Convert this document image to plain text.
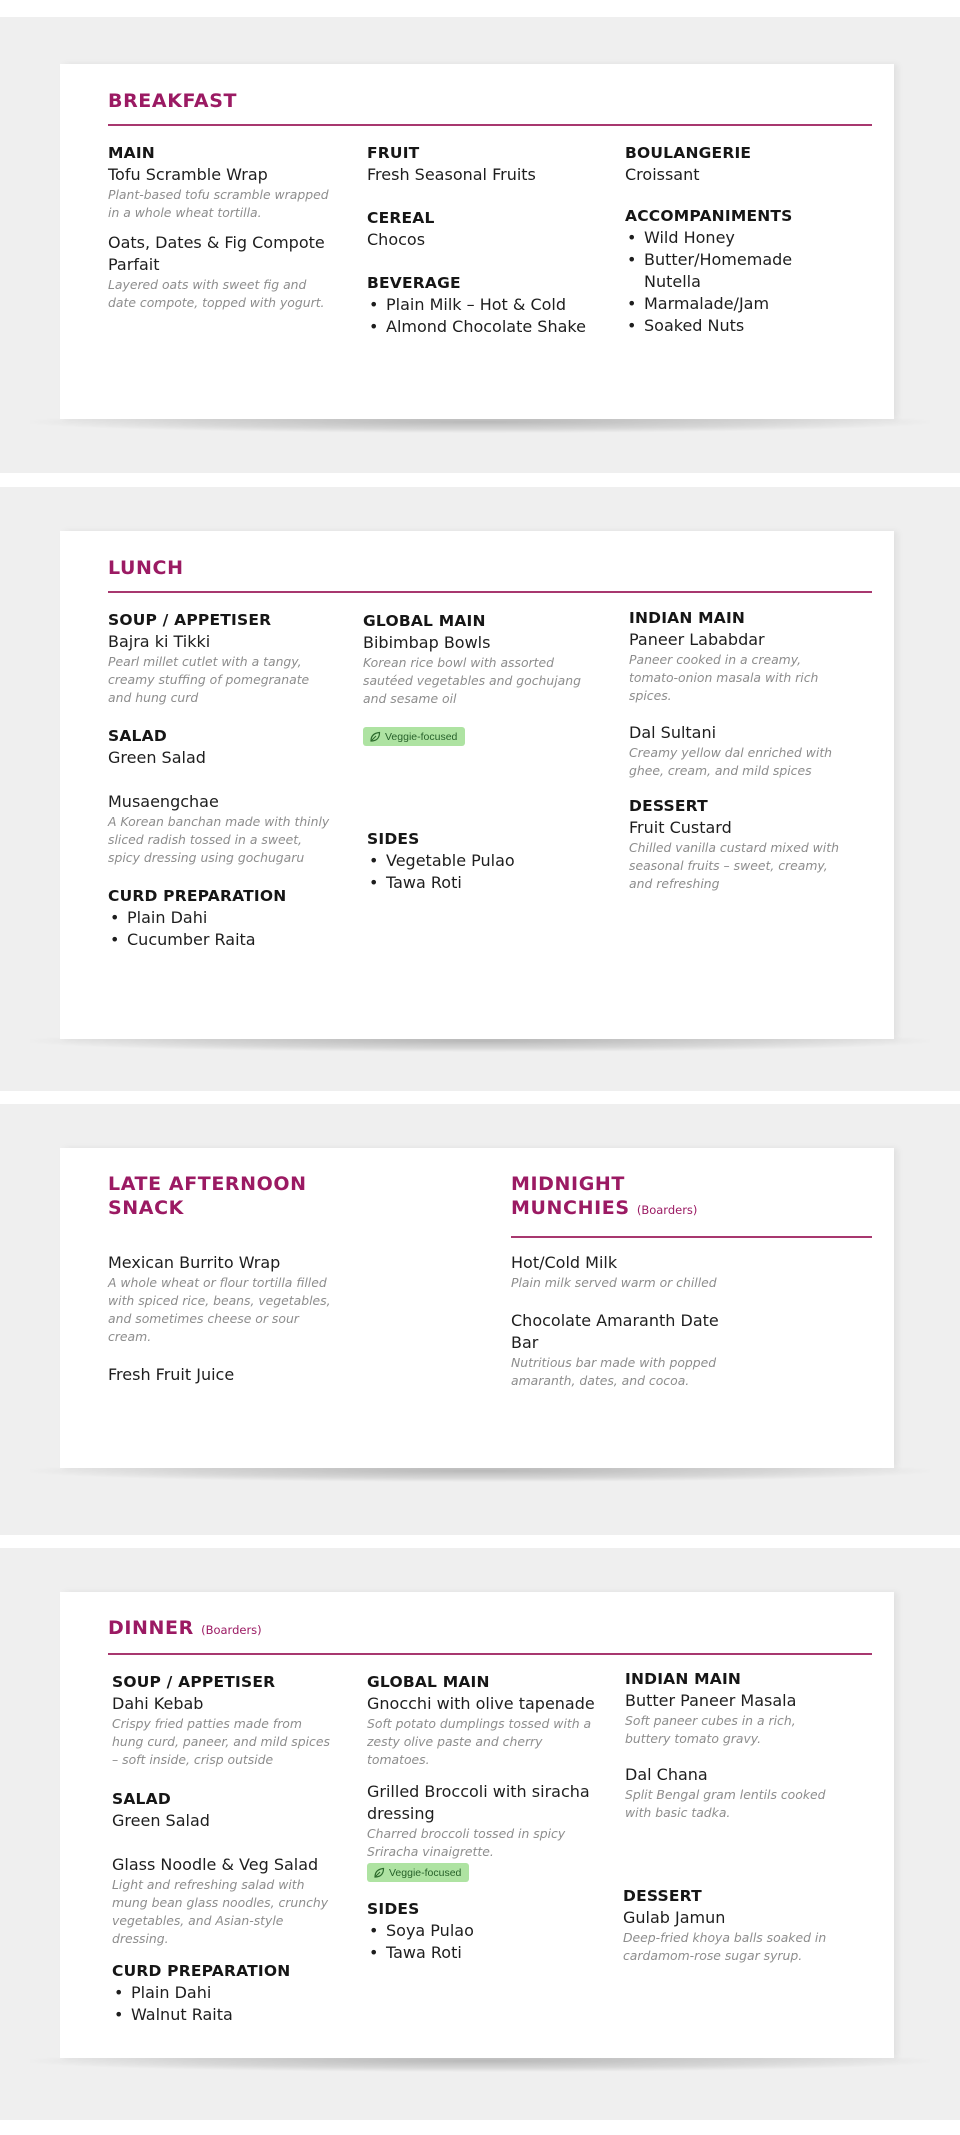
BREAKFAST
MAIN
Tofu Scramble Wrap
Plant-based tofu scramble wrapped in a whole wheat tortilla.
Oats, Dates & Fig Compote Parfait
Layered oats with sweet fig and date compote, topped with yogurt.
FRUIT
Fresh Seasonal Fruits
CEREAL
Chocos
BEVERAGE
• Plain Milk – Hot & Cold
• Almond Chocolate Shake
BOULANGERIE
Croissant
ACCOMPANIMENTS
• Wild Honey
• Butter/Homemade Nutella
• Marmalade/Jam
• Soaked Nuts
LUNCH
SOUP / APPETISER
Bajra ki Tikki
Pearl millet cutlet with a tangy, creamy stuffing of pomegranate and hung curd
SALAD
Green Salad
Musaengchae
A Korean banchan made with thinly sliced radish tossed in a sweet, spicy dressing using gochugaru
CURD PREPARATION
• Plain Dahi
• Cucumber Raita
GLOBAL MAIN
Bibimbap Bowls
Korean rice bowl with assorted sautéed vegetables and gochujang and sesame oil
Veggie-focused
SIDES
• Vegetable Pulao
• Tawa Roti
INDIAN MAIN
Paneer Lababdar
Paneer cooked in a creamy, tomato-onion masala with rich spices.
Dal Sultani
Creamy yellow dal enriched with ghee, cream, and mild spices
DESSERT
Fruit Custard
Chilled vanilla custard mixed with seasonal fruits – sweet, creamy, and refreshing
LATE AFTERNOON
SNACK
MIDNIGHT
MUNCHIES (Boarders)
Mexican Burrito Wrap
A whole wheat or flour tortilla filled with spiced rice, beans, vegetables, and sometimes cheese or sour cream.
Fresh Fruit Juice
Hot/Cold Milk
Plain milk served warm or chilled
Chocolate Amaranth Date Bar
Nutritious bar made with popped amaranth, dates, and cocoa.
DINNER (Boarders)
SOUP / APPETISER
Dahi Kebab
Crispy fried patties made from hung curd, paneer, and mild spices – soft inside, crisp outside
SALAD
Green Salad
Glass Noodle & Veg Salad
Light and refreshing salad with mung bean glass noodles, crunchy vegetables, and Asian-style dressing.
CURD PREPARATION
• Plain Dahi
• Walnut Raita
GLOBAL MAIN
Gnocchi with olive tapenade
Soft potato dumplings tossed with a zesty olive paste and cherry tomatoes.
Grilled Broccoli with siracha dressing
Charred broccoli tossed in spicy Sriracha vinaigrette.
Veggie-focused
SIDES
• Soya Pulao
• Tawa Roti
INDIAN MAIN
Butter Paneer Masala
Soft paneer cubes in a rich, buttery tomato gravy.
Dal Chana
Split Bengal gram lentils cooked with basic tadka.
DESSERT
Gulab Jamun
Deep-fried khoya balls soaked in cardamom-rose sugar syrup.
